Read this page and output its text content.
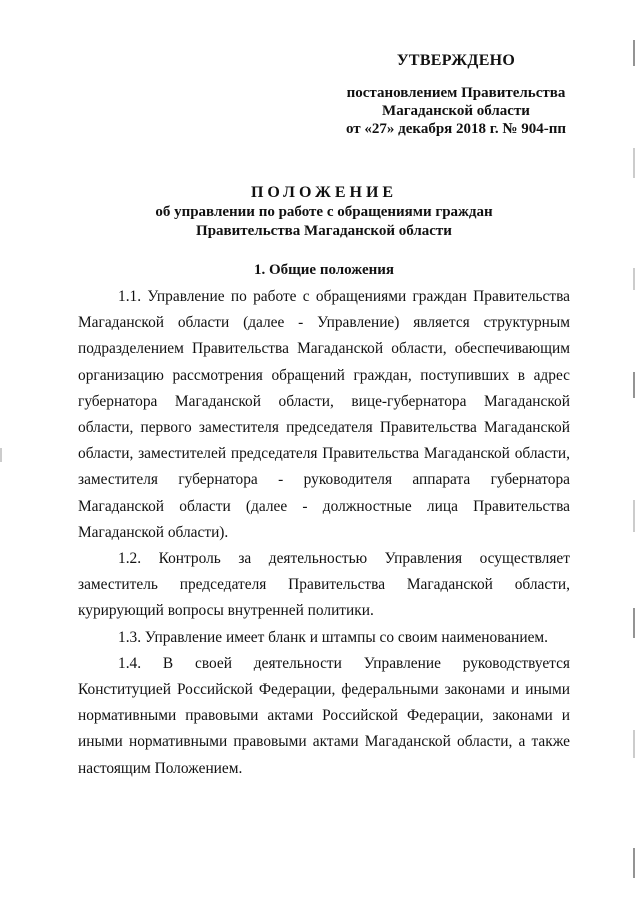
УТВЕРЖДЕНО
постановлением Правительства
Магаданской области
от «27» декабря 2018 г. № 904-пп
ПОЛОЖЕНИЕ
об управлении по работе с обращениями граждан
Правительства Магаданской области
1. Общие положения

1.1. Управление по работе с обращениями граждан Правительства Магаданской области (далее - Управление) является структурным подразделением Правительства Магаданской области, обеспечивающим организацию рассмотрения обращений граждан, поступивших в адрес губернатора Магаданской области, вице-губернатора Магаданской области, первого заместителя председателя Правительства Магаданской области, заместителей председателя Правительства Магаданской области, заместителя губернатора - руководителя аппарата губернатора Магаданской области (далее - должностные лица Правительства Магаданской области).

1.2. Контроль за деятельностью Управления осуществляет заместитель председателя Правительства Магаданской области, курирующий вопросы внутренней политики.

1.3. Управление имеет бланк и штампы со своим наименованием.

1.4. В своей деятельности Управление руководствуется Конституцией Российской Федерации, федеральными законами и иными нормативными правовыми актами Российской Федерации, законами и иными нормативными правовыми актами Магаданской области, а также настоящим Положением.
